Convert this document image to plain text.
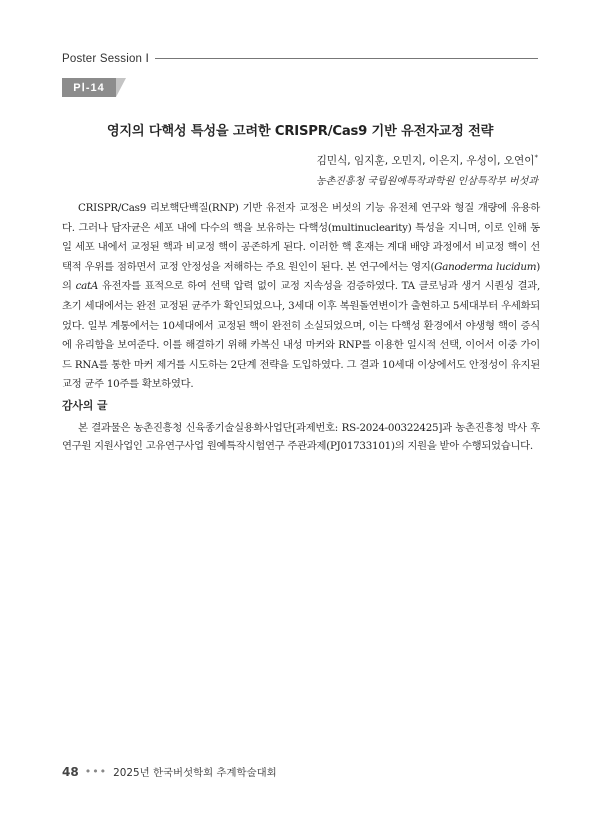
Poster Session Ⅰ
PⅠ-14
영지의 다핵성 특성을 고려한 CRISPR/Cas9 기반 유전자교정 전략
김민식, 임지훈, 오민지, 이은지, 우성이, 오연이*
농촌진흥청 국립원예특작과학원 인삼특작부 버섯과

CRISPR/Cas9 리보핵단백질(RNP) 기반 유전자 교정은 버섯의 기능 유전체 연구와 형질 개량에 유용하다. 그러나 담자균은 세포 내에 다수의 핵을 보유하는 다핵성(multinuclearity) 특성을 지니며, 이로 인해 동일 세포 내에서 교정된 핵과 비교정 핵이 공존하게 된다. 이러한 핵 혼재는 계대 배양 과정에서 비교정 핵이 선택적 우위를 점하면서 교정 안정성을 저해하는 주요 원인이 된다. 본 연구에서는 영지(Ganoderma lucidum)의 catA 유전자를 표적으로 하여 선택 압력 없이 교정 지속성을 검증하였다. TA 클로닝과 생거 시퀀싱 결과, 초기 세대에서는 완전 교정된 균주가 확인되었으나, 3세대 이후 복원돌연변이가 출현하고 5세대부터 우세화되었다. 일부 계통에서는 10세대에서 교정된 핵이 완전히 소실되었으며, 이는 다핵성 환경에서 야생형 핵이 증식에 유리함을 보여준다. 이를 해결하기 위해 카복신 내성 마커와 RNP를 이용한 일시적 선택, 이어서 이중 가이드 RNA를 통한 마커 제거를 시도하는 2단계 전략을 도입하였다. 그 결과 10세대 이상에서도 안정성이 유지된 교정 균주 10주를 확보하였다.

감사의 글

본 결과물은 농촌진흥청 신육종기술실용화사업단[과제번호: RS-2024-00322425]과 농촌진흥청 박사 후 연구원 지원사업인 고유연구사업 원예특작시험연구 주관과제(PJ01733101)의 지원을 받아 수행되었습니다.

48 ••• 2025년 한국버섯학회 추계학술대회
